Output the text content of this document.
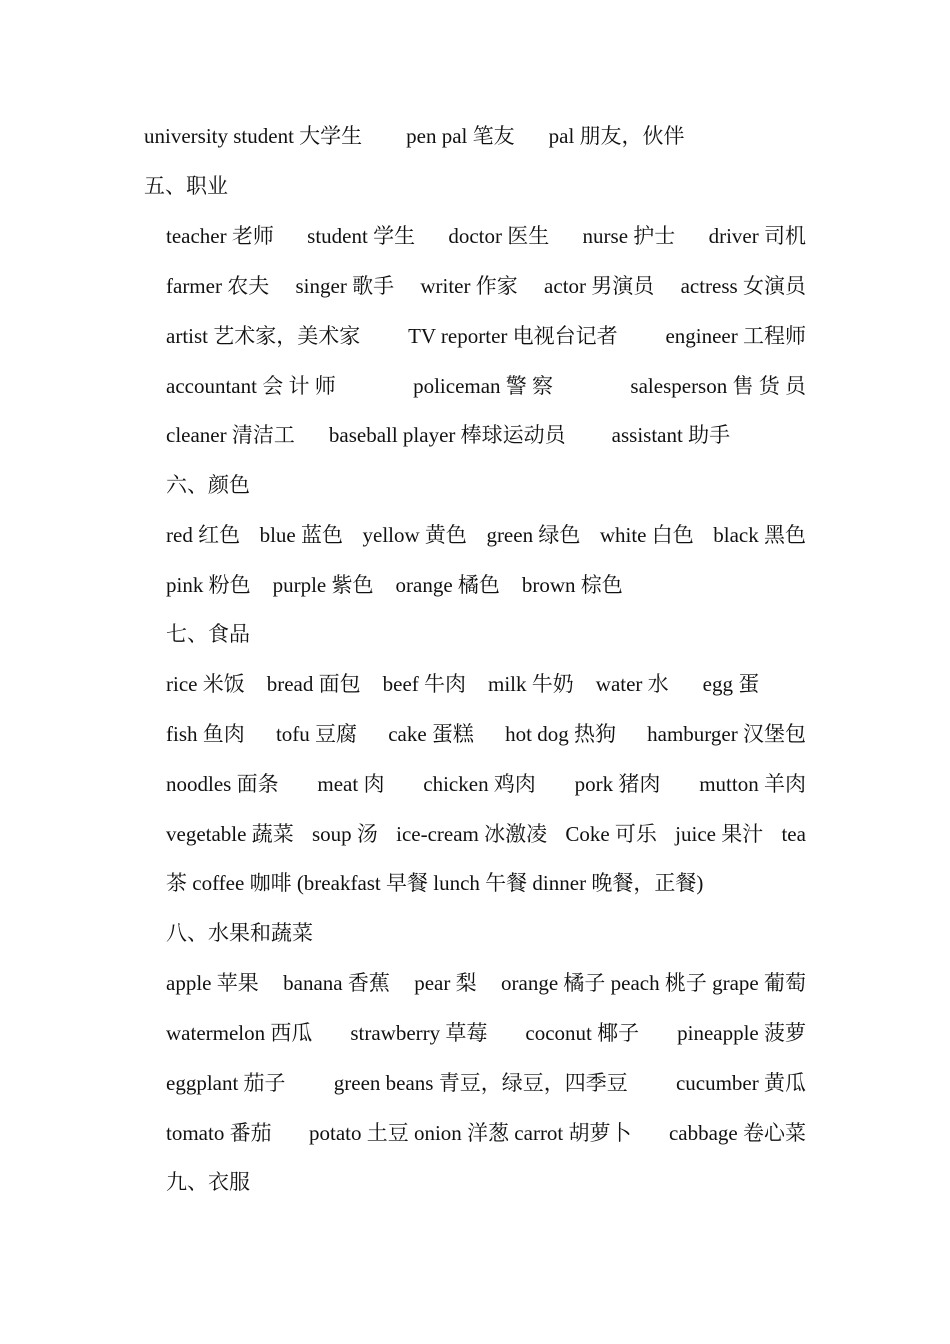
university student 大学生 pen pal 笔友 pal 朋友，伙伴
五、职业
teacher 老师 student 学生 doctor 医生 nurse 护士 driver 司机
farmer 农夫 singer 歌手 writer 作家 actor 男演员 actress 女演员
artist 艺术家，美术家 TV reporter 电视台记者 engineer 工程师
accountant 会 计 师	policeman 警 察	salesperson 售 货 员
cleaner 清洁工 baseball player 棒球运动员 assistant 助手
六、颜色
red 红色 blue 蓝色 yellow 黄色 green 绿色 white 白色 black 黑色
pink 粉色 purple 紫色 orange 橘色 brown 棕色
七、食品
rice 米饭 bread 面包 beef 牛肉 milk 牛奶 water 水 egg 蛋
fish 鱼肉 tofu 豆腐 cake 蛋糕 hot dog 热狗 hamburger 汉堡包
noodles 面条 meat 肉 chicken 鸡肉 pork 猪肉 mutton 羊肉
vegetable 蔬菜 soup 汤 ice-cream 冰激凌 Coke 可乐 juice 果汁 tea
茶 coffee 咖啡 (breakfast 早餐 lunch 午餐 dinner 晚餐，正餐)
八、水果和蔬菜
apple 苹果 banana 香蕉 pear 梨 orange 橘子 peach 桃子 grape 葡萄
watermelon 西瓜 strawberry 草莓 coconut 椰子 pineapple 菠萝
eggplant 茄子 green beans 青豆，绿豆，四季豆 cucumber 黄瓜
tomato 番茄 potato 土豆 onion 洋葱 carrot 胡萝卜 cabbage 卷心菜
九、衣服
